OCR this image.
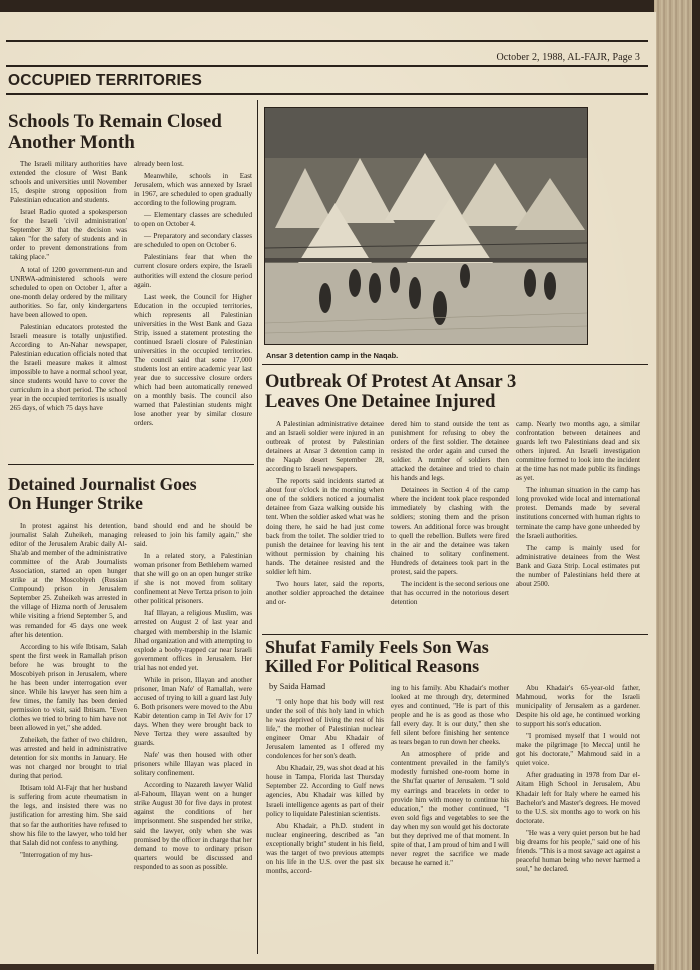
October 2, 1988, AL-FAJR, Page 3
OCCUPIED TERRITORIES
Schools To Remain Closed
Another Month

The Israeli military authorities have extended the closure of West Bank schools and universities until November 15, despite strong opposition from Palestinian education and students.

Israel Radio quoted a spokesperson for the Israeli 'civil administration' September 30 that the decision was taken "for the safety of students and in order to prevent demonstrations from taking place."

A total of 1200 government-run and UNRWA-administered schools were scheduled to open on October 1, after a one-month delay ordered by the military authorities. So far, only kindergartens have been allowed to open.

Palestinian educators protested the Israeli measure is totally unjustified. According to An-Nahar newspaper, Palestinian education officials noted that the Israeli measure makes it almost impossible to have a normal school year, since students would have to cover the curriculum in a short period. The school year in the occupied territories is usually 265 days, of which 75 days have

already been lost.

Meanwhile, schools in East Jerusalem, which was annexed by Israel in 1967, are scheduled to open gradually according to the following program.

— Elementary classes are scheduled to open on October 4.

— Preparatory and secondary classes are scheduled to open on October 6.

Palestinians fear that when the current closure orders expire, the Israeli authorities will extend the closure period again.

Last week, the Council for Higher Education in the occupied territories, which represents all Palestinian universities in the West Bank and Gaza Strip, issued a statement protesting the continued Israeli closure of Palestinian universities in the occupied territories. The council said that some 17,000 students lost an entire academic year last year due to successive closure orders which had been automatically renewed on a monthly basis. The council also warned that Palestinian students might lose another year by similar closure orders.

Detained Journalist Goes
On Hunger Strike

In protest against his detention, journalist Salah Zuheikeh, managing editor of the Jerusalem Arabic daily Al-Sha'ab and member of the administrative committee of the Arab Journalists Association, started an open hunger strike at the Moscobiyeh (Russian Compound) prison in Jerusalem September 25. Zuheikeh was arrested in the village of Hizma north of Jerusalem while visiting a friend September 5, and was remanded for 45 days one week after his detention.

According to his wife Ibtisam, Salah spent the first week in Ramallah prison before he was brought to the Moscobiyeh prison in Jerusalem, where he has been under interrogation ever since. While his lawyer has seen him a few times, the family has been denied permission to visit, said Ibtisam. "Even clothes we tried to bring to him have not been allowed in yet," she added.

Zuheikeh, the father of two children, was arrested and held in administrative detention for six months in January. He was not charged nor brought to trial during that period.

Ibtisam told Al-Fajr that her husband is suffering from acute rheumatism in the legs, and insisted there was no justification for arresting him. She said that so far the authorities have refused to show his file to the lawyer, who told her that Salah did not confess to anything.

"Interrogation of my hus-

band should end and he should be released to join his family again," she said.

In a related story, a Palestinian woman prisoner from Bethlehem warned that she will go on an open hunger strike if she is not moved from solitary confinement at Neve Tertza prison to join other political prisoners.

Itaf Illayan, a religious Muslim, was arrested on August 2 of last year and charged with membership in the Islamic Jihad organization and with attempting to explode a booby-trapped car near Israeli government offices in Jerusalem. Her trial has not ended yet.

While in prison, Illayan and another prisoner, Iman Nafe' of Ramallah, were accused of trying to kill a guard last July 6. Both prisoners were moved to the Abu Kabir detention camp in Tel Aviv for 17 days. When they were brought back to Neve Tertza they were assaulted by guards.

Nafe' was then housed with other prisoners while Illayan was placed in solitary confinement.

According to Nazareth lawyer Walid al-Fahoum, Illayan went on a hunger strike August 30 for five days in protest against the conditions of her imprisonment. She suspended her strike, said the lawyer, only when she was promised by the officer in charge that her demand to move to ordinary prison quarters would be discussed and responded to as soon as possible.

Ansar 3 detention camp in the Naqab.
Outbreak Of Protest At Ansar 3
Leaves One Detainee Injured

A Palestinian administrative detainee and an Israeli soldier were injured in an outbreak of protest by Palestinian detainees at Ansar 3 detention camp in the Naqab desert September 28, according to Israeli newspapers.

The reports said incidents started at about four o'clock in the morning when one of the soldiers noticed a journalist detainee from Gaza walking outside his tent. When the soldier asked what was he doing there, he said he had just come back from the toilet. The soldier tried to punish the detainee for leaving his tent without permission by chaining his hands. The detainee resisted and the soldier left him.

Two hours later, said the reports, another soldier approached the detainee and or-

dered him to stand outside the tent as punishment for refusing to obey the orders of the first soldier. The detainee resisted the order again and cursed the soldier. A number of soldiers then attacked the detainee and tried to chain his hands and legs.

Detainees in Section 4 of the camp where the incident took place responded immediately by clashing with the soldiers; stoning them and the prison towers. An additional force was brought to quell the rebellion. Bullets were fired in the air and the detainee was taken chained to solitary confinement. Hundreds of detainees took part in the protest, said the papers.

The incident is the second serious one that has occurred in the notorious desert detention

camp. Nearly two months ago, a similar confrontation between detainees and guards left two Palestinians dead and six others injured. An Israeli investigation committee formed to look into the incident at the time has not made public its findings as yet.

The inhuman situation in the camp has long provoked wide local and international protest. Demands made by several institutions concerned with human rights to terminate the camp have gone unheeded by the Israeli authorities.

The camp is mainly used for administrative detainees from the West Bank and Gaza Strip. Local estimates put the number of Palestinians held there at about 2500.

Shufat Family Feels Son Was
Killed For Political Reasons
by Saida Hamad

"I only hope that his body will rest under the soil of this holy land in which he was deprived of living the rest of his life," the mother of Palestinian nuclear engineer Omar Abu Khadair of Jerusalem lamented as I offered my condolences for her son's death.

Abu Khadair, 29, was shot dead at his house in Tampa, Florida last Thursday September 22. According to Gulf news agencies, Abu Khadair was killed by Israeli intelligence agents as part of their policy to liquidate Palestinian scientists.

Abu Khadair, a Ph.D. student in nuclear engineering, described as "an exceptionally bright" student in his field, was the target of two previous attempts on his life in the U.S. over the past six months, accord-

ing to his family. Abu Khadair's mother looked at me through dry, determined eyes and continued, "He is part of this people and he is as good as those who fall every day. It is our duty," then she fell silent before finishing her sentence as tears began to run down her cheeks.

An atmosphere of pride and contentment prevailed in the family's modestly furnished one-room home in the Shu'fat quarter of Jerusalem. "I sold my earrings and bracelets in order to provide him with money to continue his education," the mother continued, "I even sold figs and vegetables to see the day when my son would get his doctorate but they deprived me of that moment. In spite of that, I am proud of him and I will never regret the sacrifice we made because he earned it."

Abu Khadair's 65-year-old father, Mahmoud, works for the Israeli municipality of Jerusalem as a gardener. Despite his old age, he continued working to support his son's education.

"I promised myself that I would not make the pilgrimage [to Mecca] until he got his doctorate," Mahmoud said in a quiet voice.

After graduating in 1978 from Dar el-Aitam High School in Jerusalem, Abu Khadair left for Italy where he earned his Bachelor's and Master's degrees. He moved to the U.S. six months ago to work on his doctorate.

"He was a very quiet person but he had big dreams for his people," said one of his friends. "This is a most savage act against a peaceful human being who never harmed a soul," he declared.
